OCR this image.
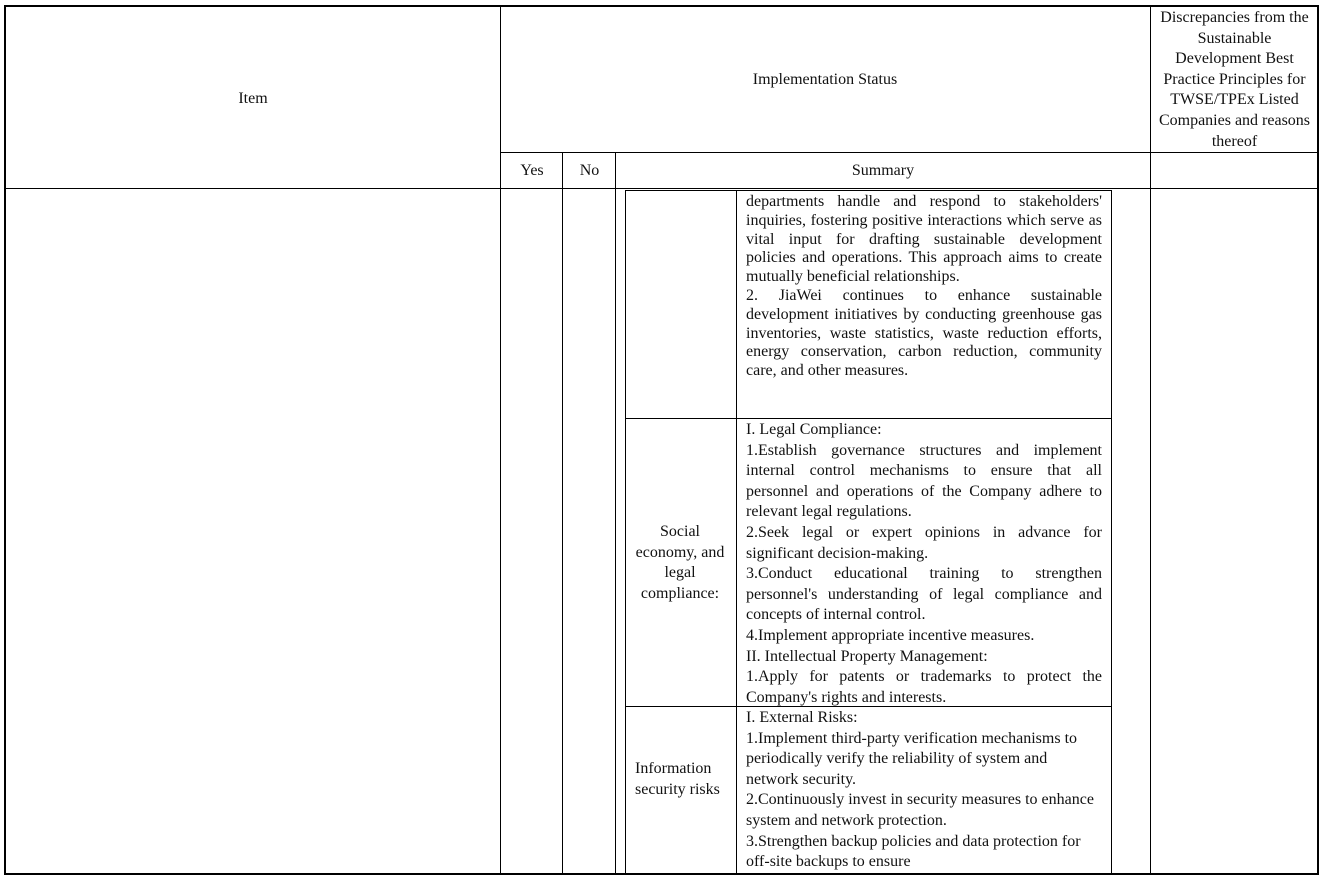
Item
Implementation Status
Discrepancies from the Sustainable Development Best Practice Principles for TWSE/TPEx Listed Companies and reasons thereof
Yes	No	Summary
departments handle and respond to stakeholders' inquiries, fostering positive interactions which serve as vital input for drafting sustainable development policies and operations. This approach aims to create mutually beneficial relationships.
2. JiaWei continues to enhance sustainable development initiatives by conducting greenhouse gas inventories, waste statistics, waste reduction efforts, energy conservation, carbon reduction, community care, and other measures.
Social economy, and legal compliance:
I. Legal Compliance:
1.Establish governance structures and implement internal control mechanisms to ensure that all personnel and operations of the Company adhere to relevant legal regulations.
2.Seek legal or expert opinions in advance for significant decision-making.
3.Conduct educational training to strengthen personnel's understanding of legal compliance and concepts of internal control.
4.Implement appropriate incentive measures.
II. Intellectual Property Management:
1.Apply for patents or trademarks to protect the Company's rights and interests.
Information security risks
I. External Risks:
1.Implement third-party verification mechanisms to periodically verify the reliability of system and network security.
2.Continuously invest in security measures to enhance system and network protection.
3.Strengthen backup policies and data protection for off-site backups to ensure
